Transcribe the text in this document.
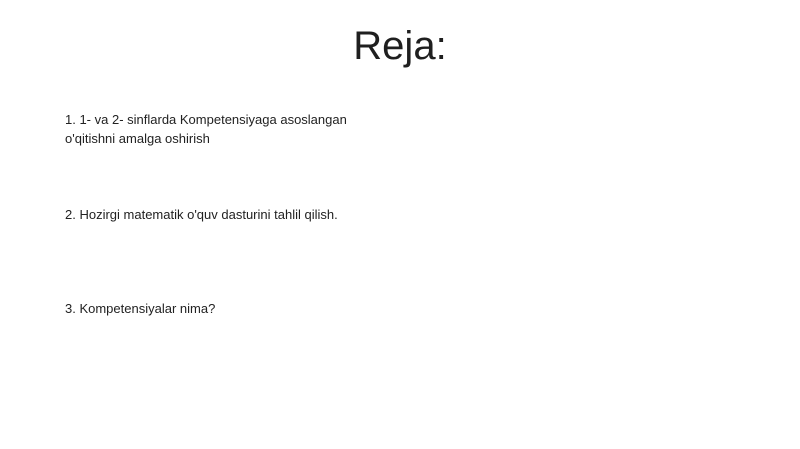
Reja:
1. 1- va 2- sinflarda Kompetensiyaga asoslangan o'qitishni amalga oshirish
2. Hozirgi matematik o'quv dasturini tahlil qilish.
3. Kompetensiyalar nima?
